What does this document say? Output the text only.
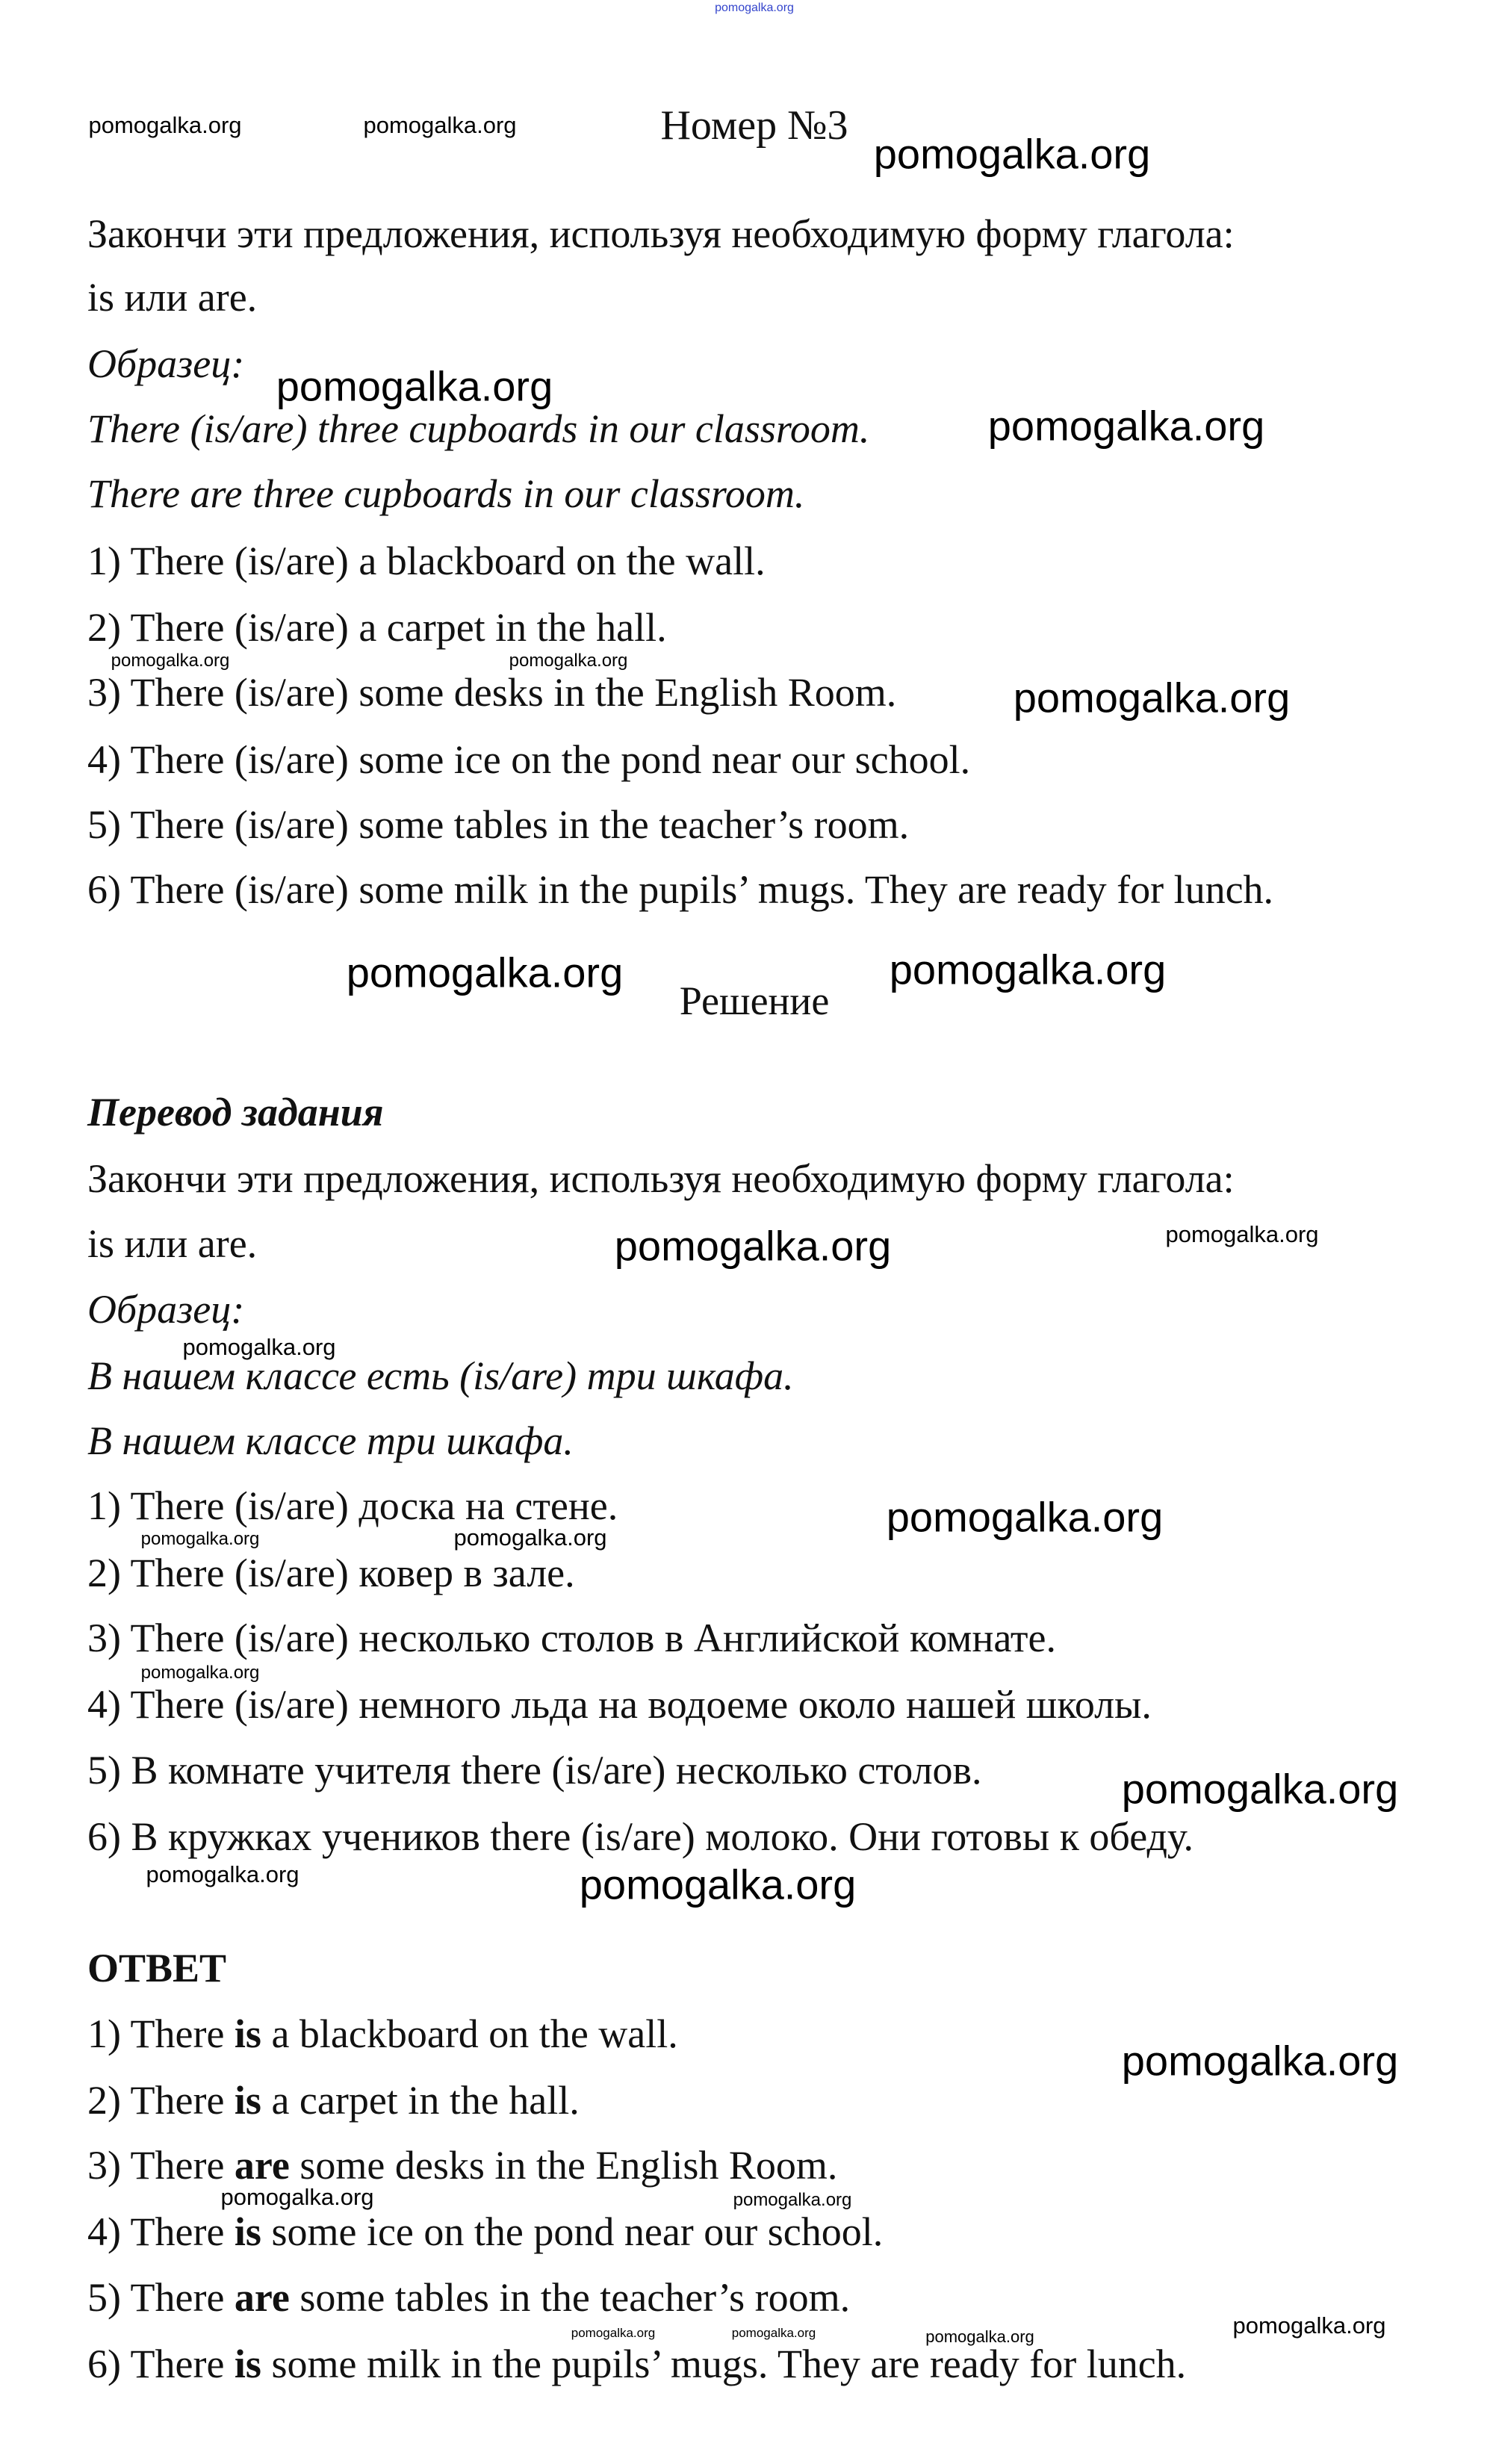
Номер №3
Закончи эти предложения, используя необходимую форму глагола:
is или are.
Образец:
There (is/are) three cupboards in our classroom.
There are three cupboards in our classroom.
1) There (is/are) a blackboard on the wall.
2) There (is/are) a carpet in the hall.
3) There (is/are) some desks in the English Room.
4) There (is/are) some ice on the pond near our school.
5) There (is/are) some tables in the teacher’s room.
6) There (is/are) some milk in the pupils’ mugs. They are ready for lunch.
Решение
Перевод задания
Закончи эти предложения, используя необходимую форму глагола:
is или are.
Образец:
В нашем классе есть (is/are) три шкафа.
В нашем классе три шкафа.
1) There (is/are) доска на стене.
2) There (is/are) ковер в зале.
3) There (is/are) несколько столов в Английской комнате.
4) There (is/are) немного льда на водоеме около нашей школы.
5) В комнате учителя there (is/are) несколько столов.
6) В кружках учеников there (is/are) молоко. Они готовы к обеду.
ОТВЕТ
1) There is a blackboard on the wall.
2) There is a carpet in the hall.
3) There are some desks in the English Room.
4) There is some ice on the pond near our school.
5) There are some tables in the teacher’s room.
6) There is some milk in the pupils’ mugs. They are ready for lunch.
pomogalka.org
pomogalka.org	pomogalka.org
pomogalka.org
pomogalka.org
pomogalka.org
pomogalka.org	pomogalka.org
pomogalka.org
pomogalka.org	pomogalka.org
pomogalka.org	pomogalka.org
pomogalka.org
pomogalka.org
pomogalka.org	pomogalka.org
pomogalka.org
pomogalka.org
pomogalka.org	pomogalka.org
pomogalka.org
pomogalka.org	pomogalka.org
pomogalka.org	pomogalka.org	pomogalka.org	pomogalka.org
